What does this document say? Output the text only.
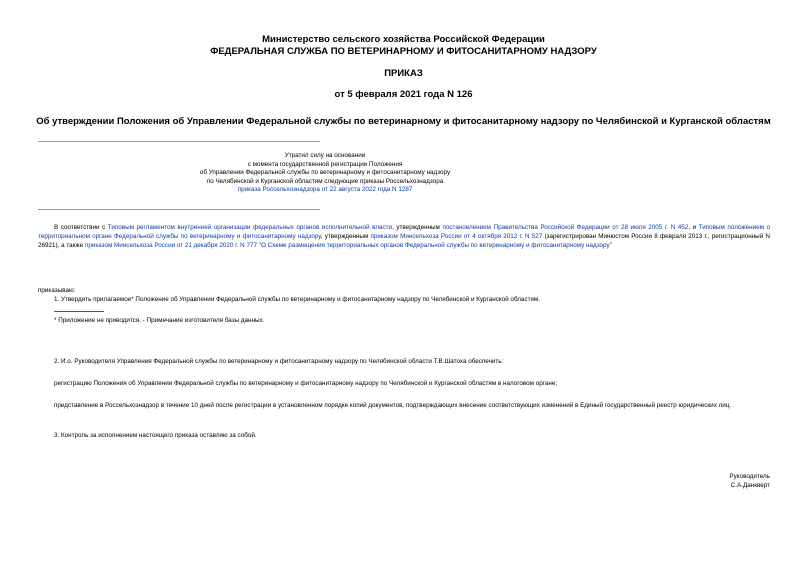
Министерство сельского хозяйства Российской Федерации
ФЕДЕРАЛЬНАЯ СЛУЖБА ПО ВЕТЕРИНАРНОМУ И ФИТОСАНИТАРНОМУ НАДЗОРУ
ПРИКАЗ
от 5 февраля 2021 года N 126
Об утверждении Положения об Управлении Федеральной службы по ветеринарному и фитосанитарному надзору по Челябинской и Курганской областям
Утратил силу на основании
с момента государственной регистрации Положения
об Управлении Федеральной службы по ветеринарному и фитосанитарному надзору
по Челябинской и Курганской областям следующие приказы Россельхознадзора
приказа Россельхознадзора от 22 августа 2022 года N 1287
В соответствии с Типовым регламентом внутренней организации федеральных органов исполнительной власти, утвержденным постановлением Правительства Российской Федерации от 28 июля 2005 г. N 452, и Типовым положением о территориальном органе Федеральной службы по ветеринарному и фитосанитарному надзору, утвержденным приказом Минсельхоза России от 4 октября 2012 г. N 527 (зарегистрирован Минюстом России 8 февраля 2013 г., регистрационный N 26921), а также приказом Минсельхоза России от 21 декабря 2020 г. N 777 "О Схеме размещения территориальных органов Федеральной службы по ветеринарному и фитосанитарному надзору"
приказываю:
1. Утвердить прилагаемое* Положение об Управлении Федеральной службы по ветеринарному и фитосанитарному надзору по Челябинской и Курганской областям.
* Приложение не приводится. - Примечание изготовителя базы данных.
2. И.о. Руководителя Управления Федеральной службы по ветеринарному и фитосанитарному надзору по Челябинской области Т.В.Шатоха обеспечить:
регистрацию Положения об Управлении Федеральной службы по ветеринарному и фитосанитарному надзору по Челябинской и Курганской областям в налоговом органе;
представление в Россельхознадзор в течение 10 дней после регистрации в установленном порядке копий документов, подтверждающих внесение соответствующих изменений в Единый государственный реестр юридических лиц.
3. Контроль за исполнением настоящего приказа оставляю за собой.
Руководитель
С.А.Данкверт
